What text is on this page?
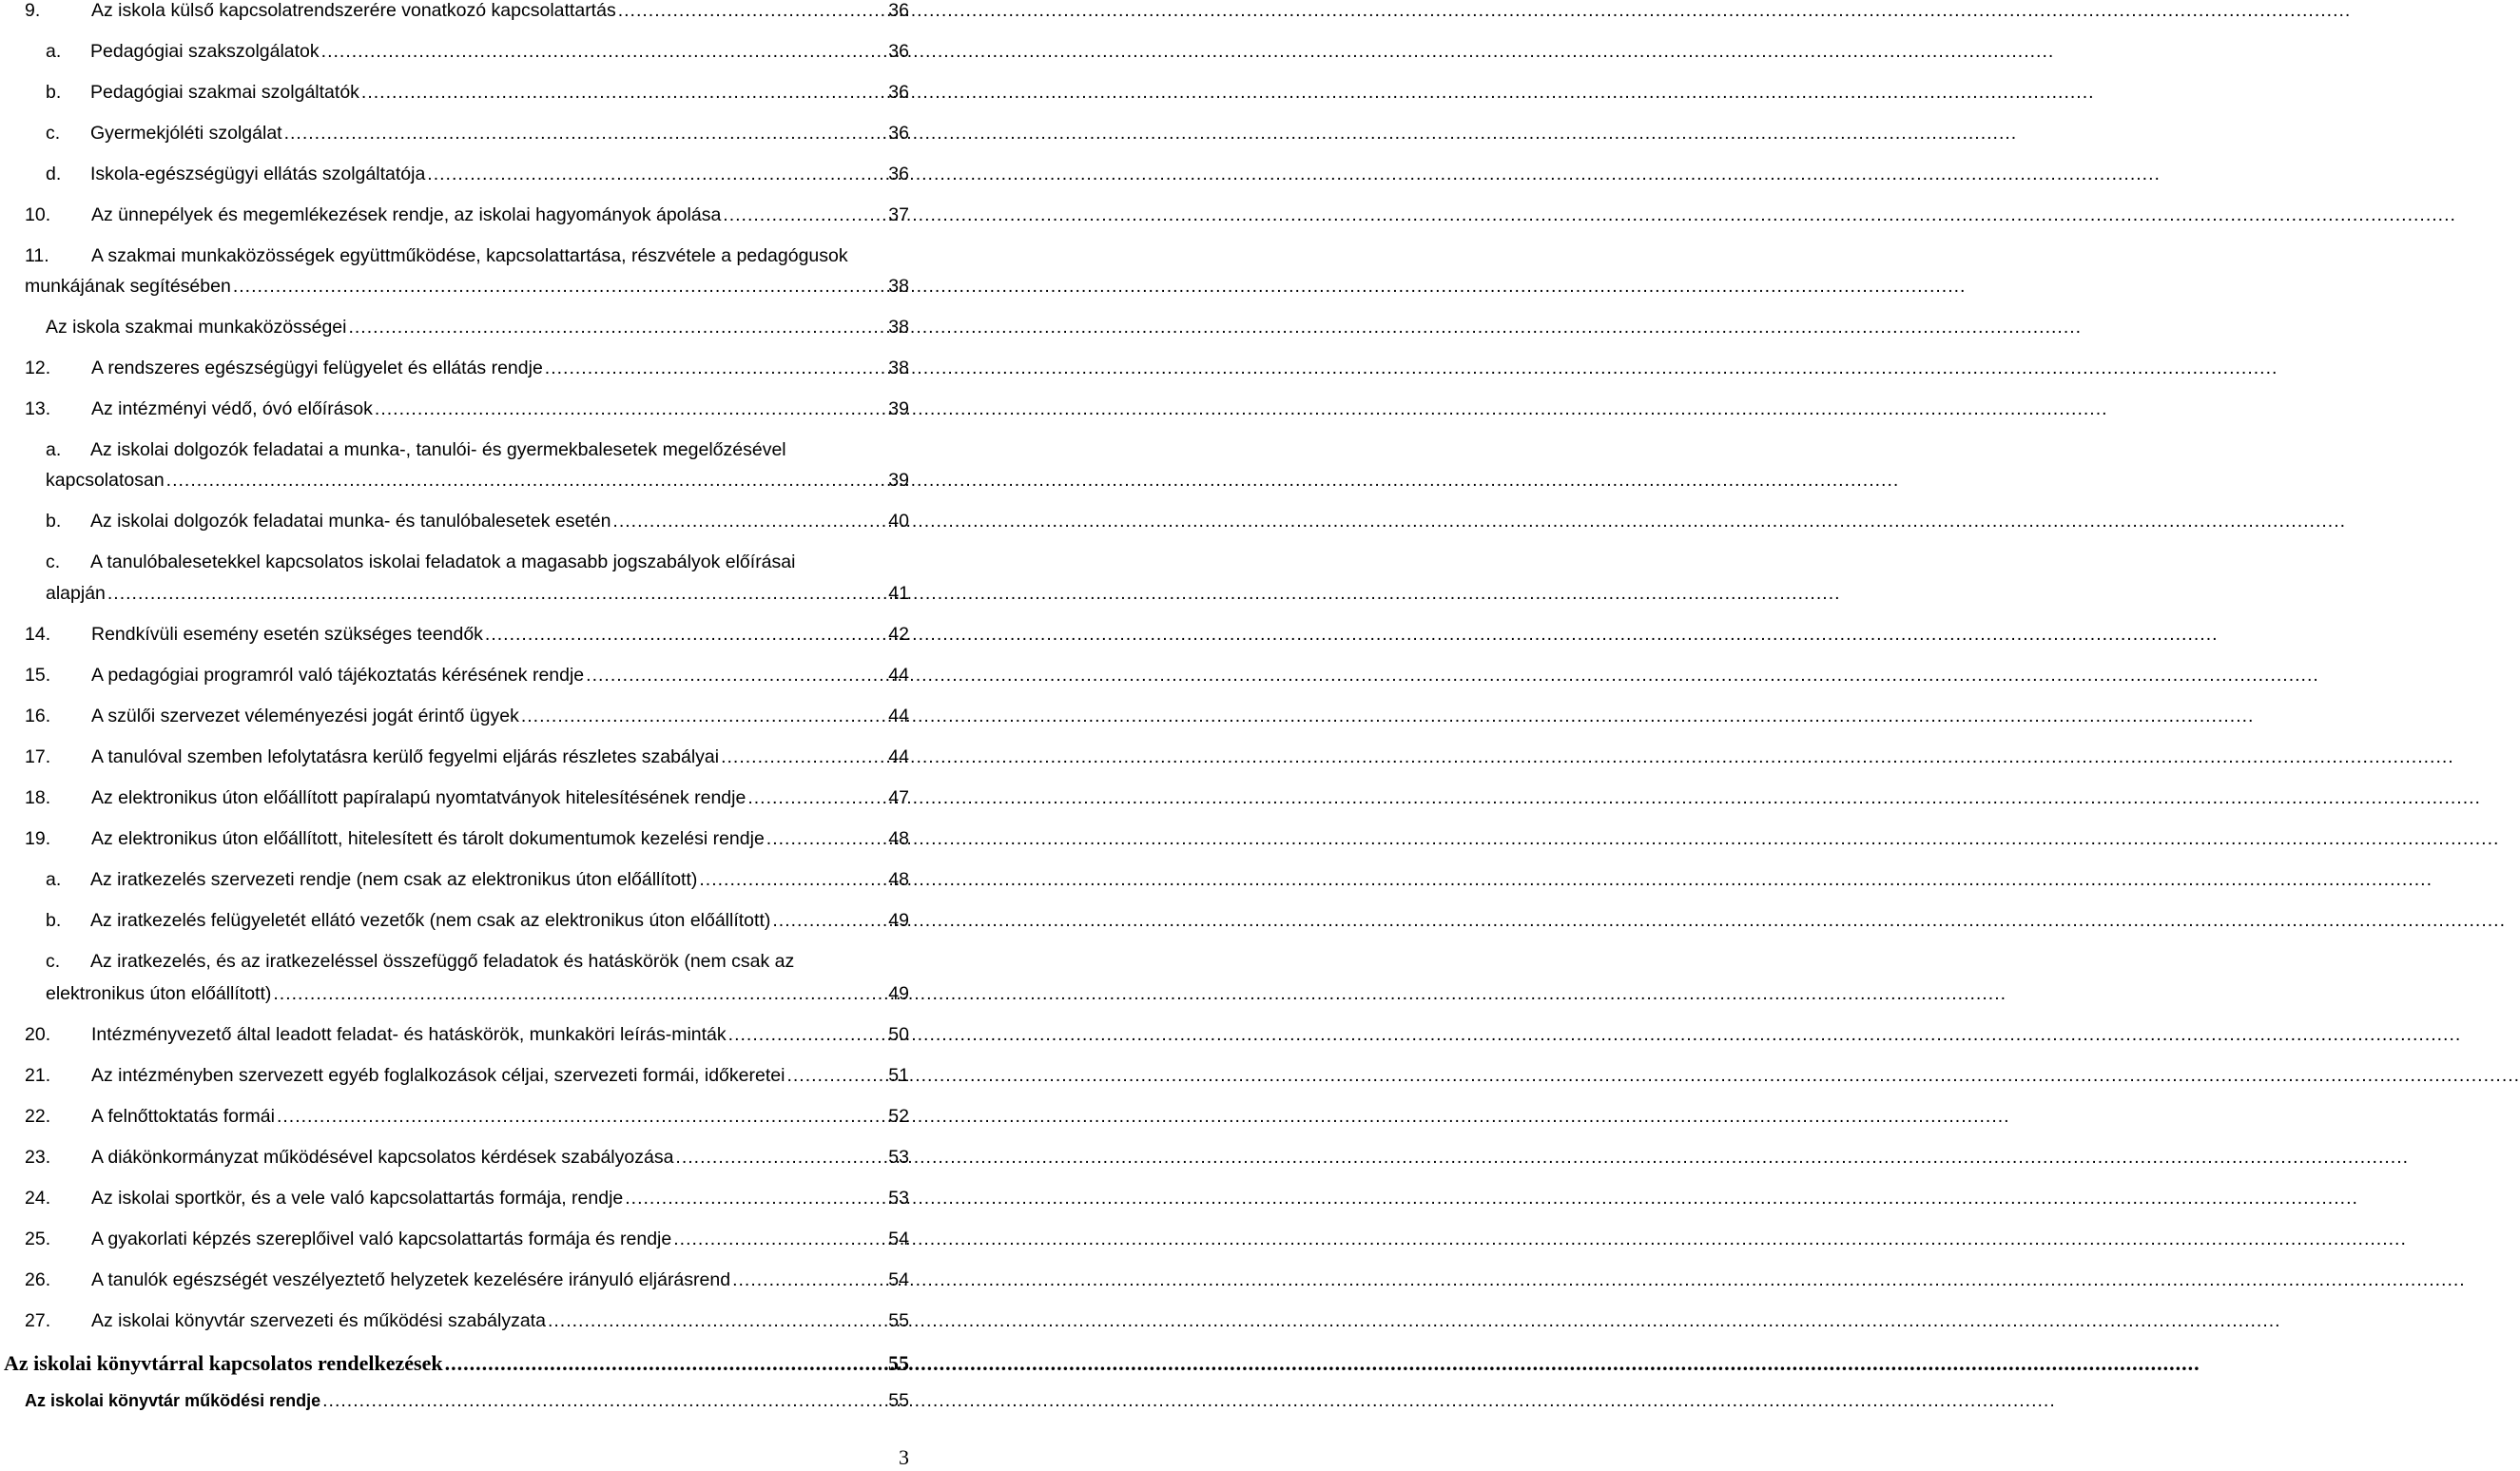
9.	Az iskola külső kapcsolatrendszerére vonatkozó kapcsolattartás .....	36
a.	Pedagógiai szakszolgálatok .....	36
b.	Pedagógiai szakmai szolgáltatók .....	36
c.	Gyermekjóléti szolgálat .....	36
d.	Iskola-egészségügyi ellátás szolgáltatója .....	36
10.	Az ünnepélyek és megemlékezések rendje, az iskolai hagyományok ápolása .....	37
11.	A szakmai munkaközösségek együttműködése, kapcsolattartása, részvétele a pedagógusok
munkájának segítésében .....	38
Az iskola szakmai munkaközösségei .....	38
12.	A rendszeres egészségügyi felügyelet és ellátás rendje .....	38
13.	Az intézményi védő, óvó előírások .....	39
a.	Az iskolai dolgozók feladatai a munka-, tanulói- és gyermekbalesetek megelőzésével
kapcsolatosan .....	39
b.	Az iskolai dolgozók feladatai munka- és tanulóbalesetek esetén .....	40
c.	A tanulóbalesetekkel kapcsolatos iskolai feladatok a magasabb jogszabályok előírásai
alapján .....	41
14.	Rendkívüli esemény esetén szükséges teendők .....	42
15.	A pedagógiai programról való tájékoztatás kérésének rendje .....	44
16.	A szülői szervezet véleményezési jogát érintő ügyek .....	44
17.	A tanulóval szemben lefolytatásra kerülő fegyelmi eljárás részletes szabályai .....	44
18.	Az elektronikus úton előállított papíralapú nyomtatványok hitelesítésének rendje .....	47
19.	Az elektronikus úton előállított, hitelesített és tárolt dokumentumok kezelési rendje .....	48
a.	Az iratkezelés szervezeti rendje (nem csak az elektronikus úton előállított) .....	48
b.	Az iratkezelés felügyeletét ellátó vezetők (nem csak az elektronikus úton előállított) .....	49
c.	Az iratkezelés, és az iratkezeléssel összefüggő feladatok és hatáskörök (nem csak az
elektronikus úton előállított) .....	49
20.	Intézményvezető által leadott feladat- és hatáskörök, munkaköri leírás-minták .....	50
21.	Az intézményben szervezett egyéb foglalkozások céljai, szervezeti formái, időkeretei .....	51
22.	A felnőttoktatás formái .....	52
23.	A diákönkormányzat működésével kapcsolatos kérdések szabályozása .....	53
24.	Az iskolai sportkör, és a vele való kapcsolattartás formája, rendje .....	53
25.	A gyakorlati képzés szereplőivel való kapcsolattartás formája és rendje .....	54
26.	A tanulók egészségét veszélyeztető helyzetek kezelésére irányuló eljárásrend .....	54
27.	Az iskolai könyvtár szervezeti és működési szabályzata .....	55
Az iskolai könyvtárral kapcsolatos rendelkezések .....	55
Az iskolai könyvtár működési rendje .....	55
3
